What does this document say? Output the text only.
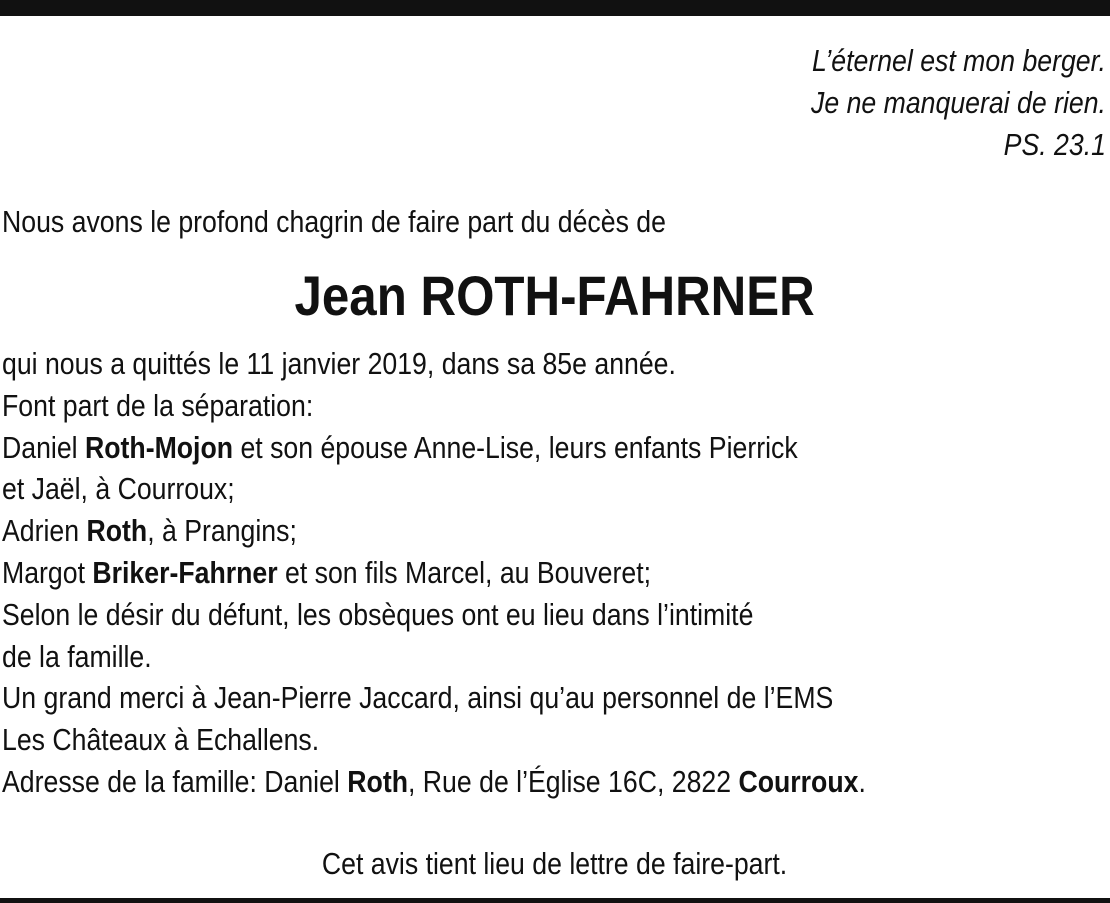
L’éternel est mon berger.
Je ne manquerai de rien.
PS. 23.1
Nous avons le profond chagrin de faire part du décès de
Jean ROTH-FAHRNER
qui nous a quittés le 11 janvier 2019, dans sa 85e année.
Font part de la séparation:
Daniel Roth-Mojon et son épouse Anne-Lise, leurs enfants Pierrick
et Jaël, à Courroux;
Adrien Roth, à Prangins;
Margot Briker-Fahrner et son fils Marcel, au Bouveret;
Selon le désir du défunt, les obsèques ont eu lieu dans l’intimité
de la famille.
Un grand merci à Jean-Pierre Jaccard, ainsi qu’au personnel de l’EMS
Les Châteaux à Echallens.
Adresse de la famille: Daniel Roth, Rue de l’Église 16C, 2822 Courroux.
Cet avis tient lieu de lettre de faire-part.
